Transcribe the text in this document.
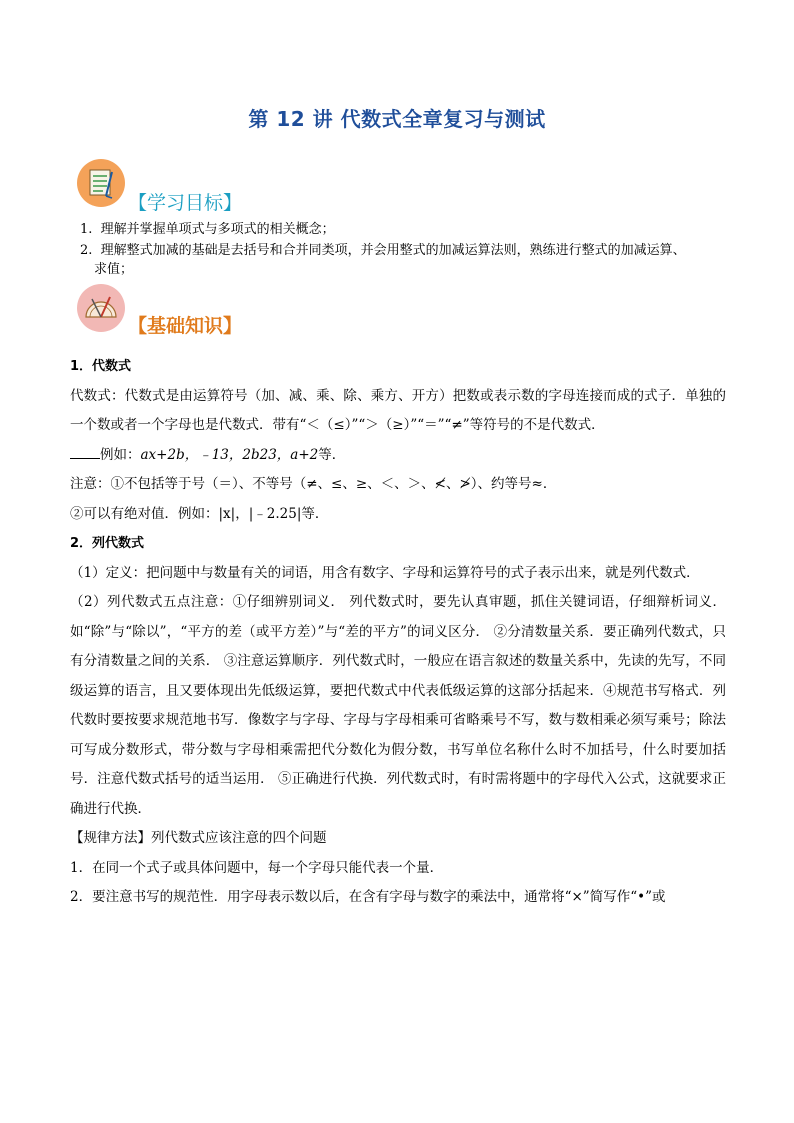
第 12 讲 代数式全章复习与测试
【学习目标】
1. 理解并掌握单项式与多项式的相关概念；
2. 理解整式加减的基础是去括号和合并同类项，并会用整式的加减运算法则，熟练进行整式的加减运算、
求值；
【基础知识】

1．代数式

代数式：代数式是由运算符号（加、减、乘、除、乘方、开方）把数或表示数的字母连接而成的式子．单独的一个数或者一个字母也是代数式．带有“＜（≤）”“＞（≥）”“＝”“≠”等符号的不是代数式．

例如：ax+2b，﹣13，2b23，a+2等．

注意：①不包括等于号（＝）、不等号（≠、≤、≥、＜、＞、≮、≯）、约等号≈．

②可以有绝对值．例如：|x|，|﹣2.25|等．

2．列代数式

（1）定义：把问题中与数量有关的词语，用含有数字、字母和运算符号的式子表示出来，就是列代数式．

（2）列代数式五点注意：①仔细辨别词义． 列代数式时，要先认真审题，抓住关键词语，仔细辩析词义．如“除”与“除以”，“平方的差（或平方差）”与“差的平方”的词义区分． ②分清数量关系．要正确列代数式，只有分清数量之间的关系． ③注意运算顺序．列代数式时，一般应在语言叙述的数量关系中，先读的先写，不同级运算的语言，且又要体现出先低级运算，要把代数式中代表低级运算的这部分括起来．④规范书写格式．列代数时要按要求规范地书写．像数字与字母、字母与字母相乘可省略乘号不写，数与数相乘必须写乘号；除法可写成分数形式，带分数与字母相乘需把代分数化为假分数，书写单位名称什么时不加括号，什么时要加括号．注意代数式括号的适当运用． ⑤正确进行代换．列代数式时，有时需将题中的字母代入公式，这就要求正确进行代换．

【规律方法】列代数式应该注意的四个问题

1．在同一个式子或具体问题中，每一个字母只能代表一个量．

2．要注意书写的规范性．用字母表示数以后，在含有字母与数字的乘法中，通常将“×”简写作“•”或
